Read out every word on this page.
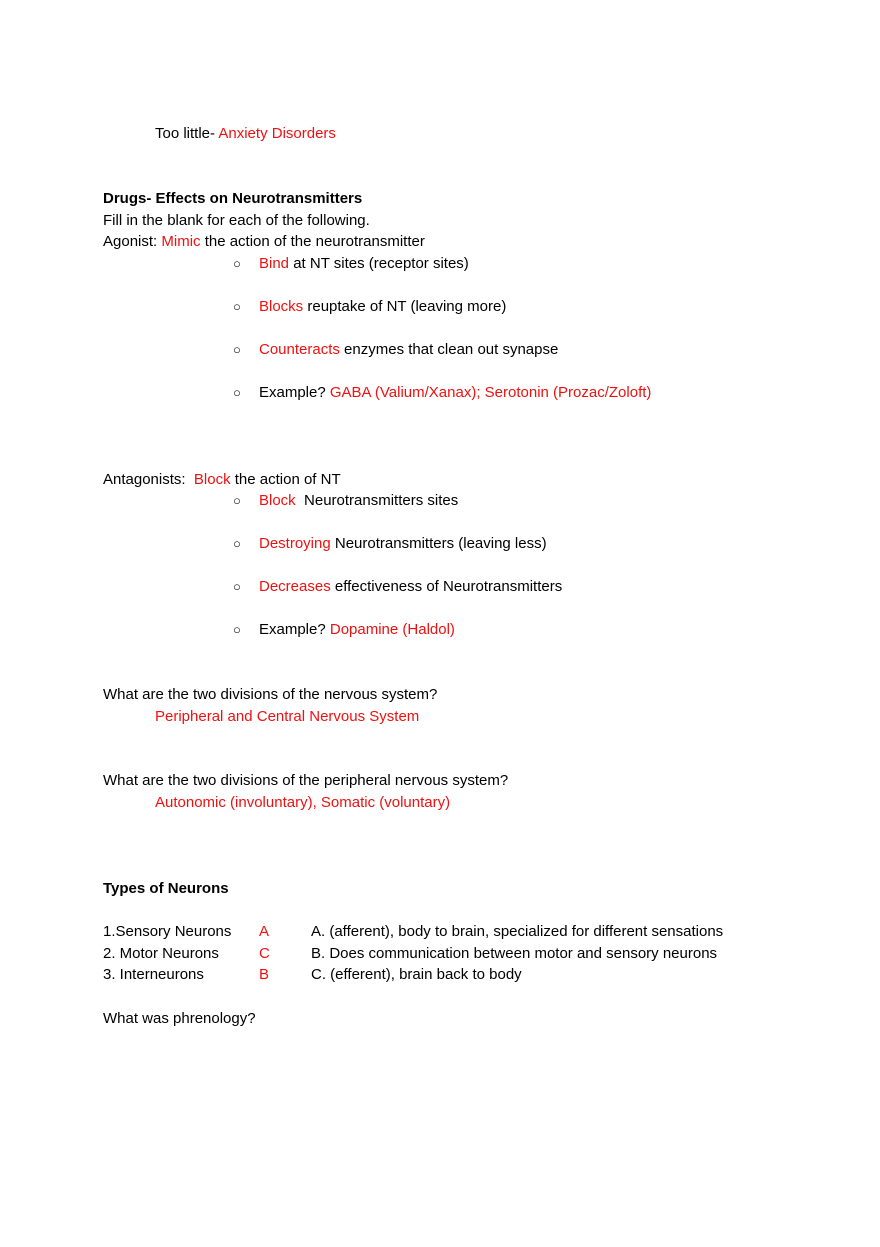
Too little- Anxiety Disorders
Drugs- Effects on Neurotransmitters
Fill in the blank for each of the following.
Agonist: Mimic the action of the neurotransmitter
○ Bind at NT sites (receptor sites)
○ Blocks reuptake of NT (leaving more)
○ Counteracts enzymes that clean out synapse
○ Example? GABA (Valium/Xanax); Serotonin (Prozac/Zoloft)
Antagonists:  Block the action of NT
○ Block  Neurotransmitters sites
○ Destroying Neurotransmitters (leaving less)
○ Decreases effectiveness of Neurotransmitters
○ Example? Dopamine (Haldol)
What are the two divisions of the nervous system?
Peripheral and Central Nervous System
What are the two divisions of the peripheral nervous system?
Autonomic (involuntary), Somatic (voluntary)
Types of Neurons
1.Sensory Neurons A	A. (afferent), body to brain, specialized for different sensations
2. Motor Neurons	C	B. Does communication between motor and sensory neurons
3. Interneurons	B	C. (efferent), brain back to body
What was phrenology?
